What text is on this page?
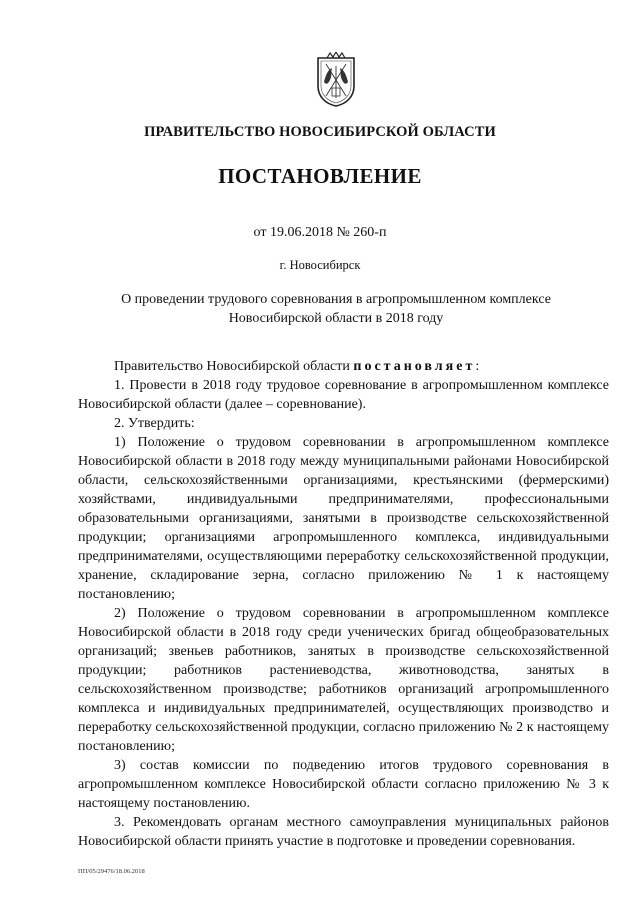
ПРАВИТЕЛЬСТВО НОВОСИБИРСКОЙ ОБЛАСТИ
ПОСТАНОВЛЕНИЕ
от 19.06.2018 № 260-п
г. Новосибирск
О проведении трудового соревнования в агропромышленном комплексе
Новосибирской области в 2018 году

Правительство Новосибирской области постановляет:

1. Провести в 2018 году трудовое соревнование в агропромышленном комплексе Новосибирской области (далее – соревнование).

2. Утвердить:

1) Положение о трудовом соревновании в агропромышленном комплексе Новосибирской области в 2018 году между муниципальными районами Новосибирской области, сельскохозяйственными организациями, крестьянскими (фермерскими) хозяйствами, индивидуальными предпринимателями, профессиональными образовательными организациями, занятыми в производстве сельскохозяйственной продукции; организациями агропромышленного комплекса, индивидуальными предпринимателями, осуществляющими переработку сельскохозяйственной продукции, хранение, складирование зерна, согласно приложению № 1 к настоящему постановлению;

2) Положение о трудовом соревновании в агропромышленном комплексе Новосибирской области в 2018 году среди ученических бригад общеобразовательных организаций; звеньев работников, занятых в производстве сельскохозяйственной продукции; работников растениеводства, животноводства, занятых в сельскохозяйственном производстве; работников организаций агропромышленного комплекса и индивидуальных предпринимателей, осуществляющих производство и переработку сельскохозяйственной продукции, согласно приложению № 2 к настоящему постановлению;

3) состав комиссии по подведению итогов трудового соревнования в агропромышленном комплексе Новосибирской области согласно приложению № 3 к настоящему постановлению.

3. Рекомендовать органам местного самоуправления муниципальных районов Новосибирской области принять участие в подготовке и проведении соревнования.

ПП/05/29476/18.06.2018
